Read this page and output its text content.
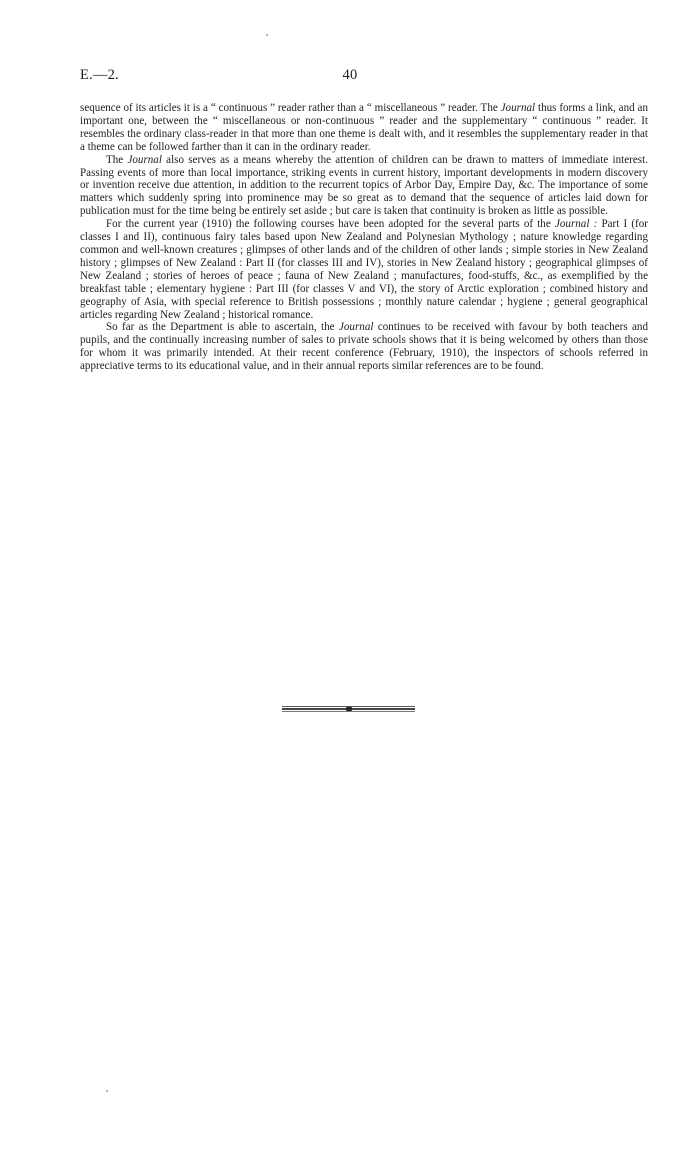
E.—2.	40

sequence of its articles it is a “ continuous ” reader rather than a “ miscellaneous ” reader. The Journal thus forms a link, and an important one, between the “ miscellaneous or non-continuous ” reader and the supplementary “ continuous ” reader. It resembles the ordinary class-reader in that more than one theme is dealt with, and it resembles the supplementary reader in that a theme can be followed farther than it can in the ordinary reader.

The Journal also serves as a means whereby the attention of children can be drawn to matters of immediate interest. Passing events of more than local importance, striking events in current history, important developments in modern discovery or invention receive due attention, in addition to the recurrent topics of Arbor Day, Empire Day, &c. The importance of some matters which suddenly spring into prominence may be so great as to demand that the sequence of articles laid down for publication must for the time being be entirely set aside ; but care is taken that continuity is broken as little as possible.

For the current year (1910) the following courses have been adopted for the several parts of the Journal : Part I (for classes I and II), continuous fairy tales based upon New Zealand and Polynesian Mythology ; nature knowledge regarding common and well-known creatures ; glimpses of other lands and of the children of other lands ; simple stories in New Zealand history ; glimpses of New Zealand : Part II (for classes III and IV), stories in New Zealand history ; geographical glimpses of New Zealand ; stories of heroes of peace ; fauna of New Zealand ; manufactures, food-stuffs, &c., as exemplified by the breakfast table ; elementary hygiene : Part III (for classes V and VI), the story of Arctic exploration ; combined history and geography of Asia, with special reference to British possessions ; monthly nature calendar ; hygiene ; general geographical articles regarding New Zealand ; historical romance.

So far as the Department is able to ascertain, the Journal continues to be received with favour by both teachers and pupils, and the continually increasing number of sales to private schools shows that it is being welcomed by others than those for whom it was primarily intended. At their recent conference (February, 1910), the inspectors of schools referred in appreciative terms to its educational value, and in their annual reports similar references are to be found.
